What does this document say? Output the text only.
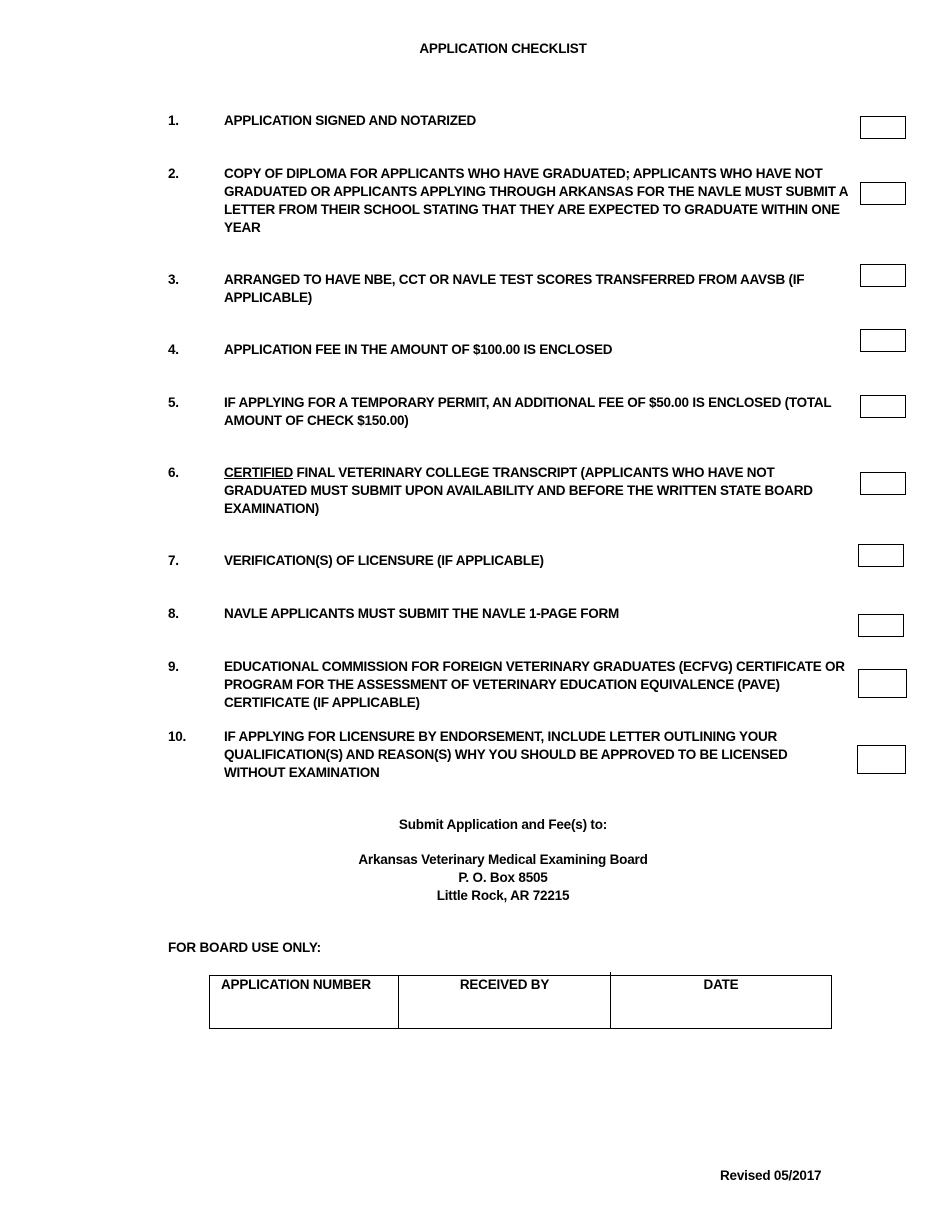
APPLICATION CHECKLIST
1.	APPLICATION SIGNED AND NOTARIZED
2.	COPY OF DIPLOMA FOR APPLICANTS WHO HAVE GRADUATED; APPLICANTS WHO HAVE NOT GRADUATED OR APPLICANTS APPLYING THROUGH ARKANSAS FOR THE NAVLE MUST SUBMIT A LETTER FROM THEIR SCHOOL STATING THAT THEY ARE EXPECTED TO GRADUATE WITHIN ONE YEAR
3.	ARRANGED TO HAVE NBE, CCT OR NAVLE TEST SCORES TRANSFERRED FROM AAVSB (IF APPLICABLE)
4.	APPLICATION FEE IN THE AMOUNT OF $100.00 IS ENCLOSED
5.	IF APPLYING FOR A TEMPORARY PERMIT, AN ADDITIONAL FEE OF $50.00 IS ENCLOSED (TOTAL AMOUNT OF CHECK $150.00)
6.	CERTIFIED FINAL VETERINARY COLLEGE TRANSCRIPT (APPLICANTS WHO HAVE NOT GRADUATED MUST SUBMIT UPON AVAILABILITY AND BEFORE THE WRITTEN STATE BOARD EXAMINATION)
7.	VERIFICATION(S) OF LICENSURE (IF APPLICABLE)
8.	NAVLE APPLICANTS MUST SUBMIT THE NAVLE 1-PAGE FORM
9.	EDUCATIONAL COMMISSION FOR FOREIGN VETERINARY GRADUATES (ECFVG) CERTIFICATE OR PROGRAM FOR THE ASSESSMENT OF VETERINARY EDUCATION EQUIVALENCE (PAVE) CERTIFICATE (IF APPLICABLE)
10.	IF APPLYING FOR LICENSURE BY ENDORSEMENT, INCLUDE LETTER OUTLINING YOUR QUALIFICATION(S) AND REASON(S) WHY YOU SHOULD BE APPROVED TO BE LICENSED WITHOUT EXAMINATION
Submit Application and Fee(s) to:
Arkansas Veterinary Medical Examining Board
P. O. Box 8505
Little Rock, AR 72215
FOR BOARD USE ONLY:
APPLICATION NUMBER	RECEIVED BY	DATE
Revised 05/2017
